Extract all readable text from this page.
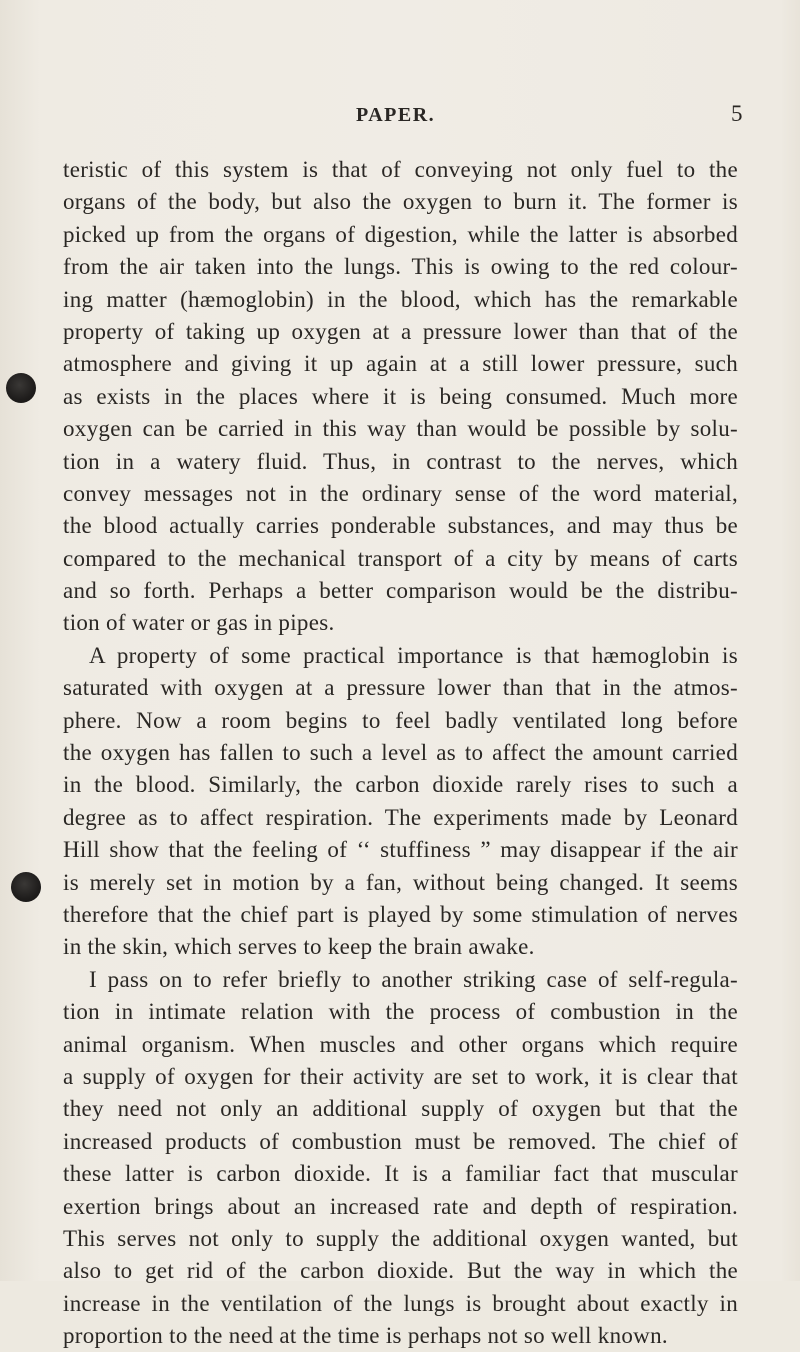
PAPER.	5
teristic of this system is that of conveying not only fuel to the
organs of the body, but also the oxygen to burn it. The former is
picked up from the organs of digestion, while the latter is absorbed
from the air taken into the lungs. This is owing to the red colour-
ing matter (hæmoglobin) in the blood, which has the remarkable
property of taking up oxygen at a pressure lower than that of the
atmosphere and giving it up again at a still lower pressure, such
as exists in the places where it is being consumed. Much more
oxygen can be carried in this way than would be possible by solu-
tion in a watery fluid. Thus, in contrast to the nerves, which
convey messages not in the ordinary sense of the word material,
the blood actually carries ponderable substances, and may thus be
compared to the mechanical transport of a city by means of carts
and so forth. Perhaps a better comparison would be the distribu-
tion of water or gas in pipes.
A property of some practical importance is that hæmoglobin is
saturated with oxygen at a pressure lower than that in the atmos-
phere. Now a room begins to feel badly ventilated long before
the oxygen has fallen to such a level as to affect the amount carried
in the blood. Similarly, the carbon dioxide rarely rises to such a
degree as to affect respiration. The experiments made by Leonard
Hill show that the feeling of ‘‘ stuffiness ” may disappear if the air
is merely set in motion by a fan, without being changed. It seems
therefore that the chief part is played by some stimulation of nerves
in the skin, which serves to keep the brain awake.
I pass on to refer briefly to another striking case of self-regula-
tion in intimate relation with the process of combustion in the
animal organism. When muscles and other organs which require
a supply of oxygen for their activity are set to work, it is clear that
they need not only an additional supply of oxygen but that the
increased products of combustion must be removed. The chief of
these latter is carbon dioxide. It is a familiar fact that muscular
exertion brings about an increased rate and depth of respiration.
This serves not only to supply the additional oxygen wanted, but
also to get rid of the carbon dioxide. But the way in which the
increase in the ventilation of the lungs is brought about exactly in
proportion to the need at the time is perhaps not so well known.
